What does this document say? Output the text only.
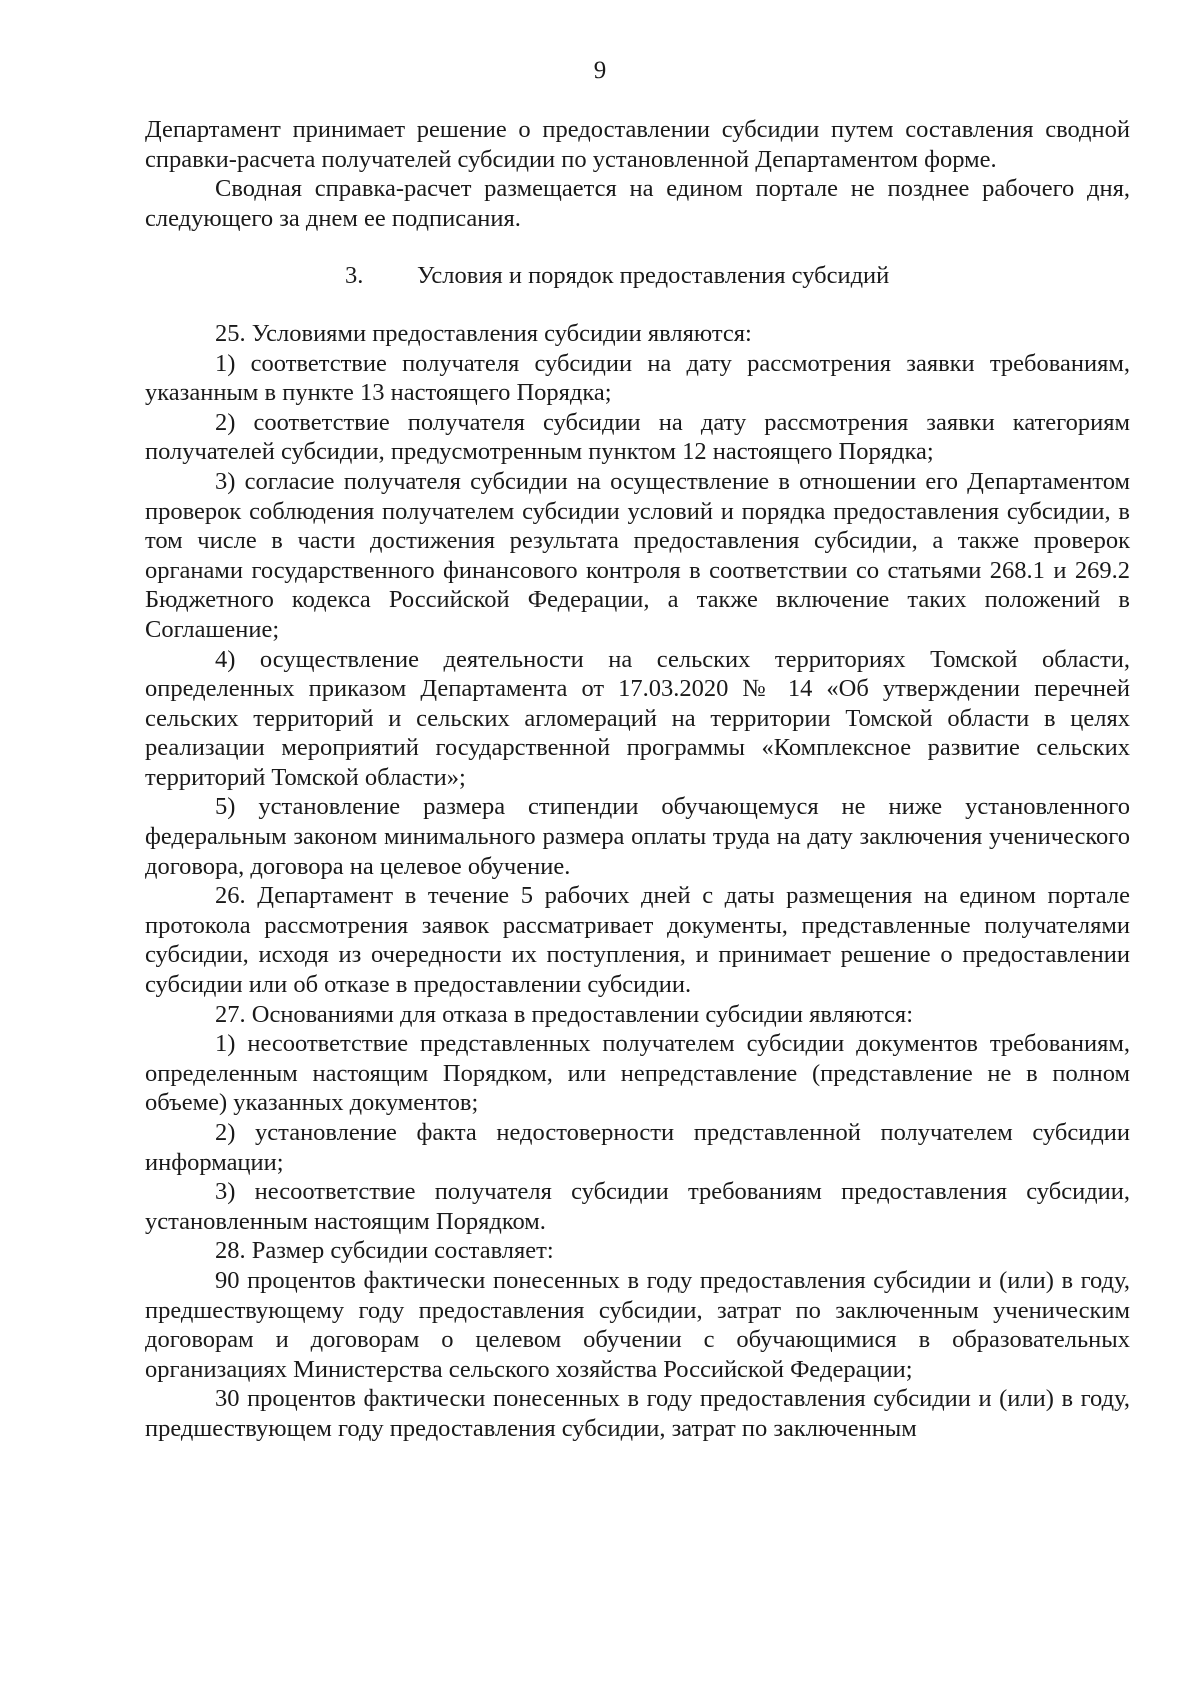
9

Департамент принимает решение о предоставлении субсидии путем составления сводной справки-расчета получателей субсидии по установленной Департаментом форме.

Сводная справка-расчет размещается на едином портале не позднее рабочего дня, следующего за днем ее подписания.

3. Условия и порядок предоставления субсидий

25. Условиями предоставления субсидии являются:

1) соответствие получателя субсидии на дату рассмотрения заявки требованиям, указанным в пункте 13 настоящего Порядка;

2) соответствие получателя субсидии на дату рассмотрения заявки категориям получателей субсидии, предусмотренным пунктом 12 настоящего Порядка;

3) согласие получателя субсидии на осуществление в отношении его Департаментом проверок соблюдения получателем субсидии условий и порядка предоставления субсидии, в том числе в части достижения результата предоставления субсидии, а также проверок органами государственного финансового контроля в соответствии со статьями 268.1 и 269.2 Бюджетного кодекса Российской Федерации, а также включение таких положений в Соглашение;

4) осуществление деятельности на сельских территориях Томской области, определенных приказом Департамента от 17.03.2020 № 14 «Об утверждении перечней сельских территорий и сельских агломераций на территории Томской области в целях реализации мероприятий государственной программы «Комплексное развитие сельских территорий Томской области»;

5) установление размера стипендии обучающемуся не ниже установленного федеральным законом минимального размера оплаты труда на дату заключения ученического договора, договора на целевое обучение.

26. Департамент в течение 5 рабочих дней с даты размещения на едином портале протокола рассмотрения заявок рассматривает документы, представленные получателями субсидии, исходя из очередности их поступления, и принимает решение о предоставлении субсидии или об отказе в предоставлении субсидии.

27. Основаниями для отказа в предоставлении субсидии являются:

1) несоответствие представленных получателем субсидии документов требованиям, определенным настоящим Порядком, или непредставление (представление не в полном объеме) указанных документов;

2) установление факта недостоверности представленной получателем субсидии информации;

3) несоответствие получателя субсидии требованиям предоставления субсидии, установленным настоящим Порядком.

28. Размер субсидии составляет:

90 процентов фактически понесенных в году предоставления субсидии и (или) в году, предшествующему году предоставления субсидии, затрат по заключенным ученическим договорам и договорам о целевом обучении с обучающимися в образовательных организациях Министерства сельского хозяйства Российской Федерации;

30 процентов фактически понесенных в году предоставления субсидии и (или) в году, предшествующем году предоставления субсидии, затрат по заключенным
